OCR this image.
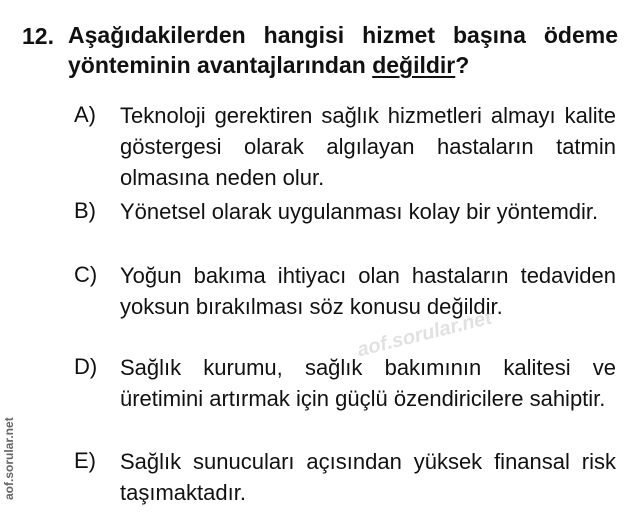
12. Aşağıdakilerden hangisi hizmet başına ödeme yönteminin avantajlarından değildir?
A)	Teknoloji gerektiren sağlık hizmetleri almayı kalite göstergesi olarak algılayan hastaların tatmin olmasına neden olur.
B)	Yönetsel olarak uygulanması kolay bir yöntemdir.
C)	Yoğun bakıma ihtiyacı olan hastaların tedaviden yoksun bırakılması söz konusu değildir.
D)	Sağlık kurumu, sağlık bakımının kalitesi ve üretimini artırmak için güçlü özendiricilere sahiptir.
E)	Sağlık sunucuları açısından yüksek finansal risk taşımaktadır.
aof.sorular.net
aof.sorular.net
